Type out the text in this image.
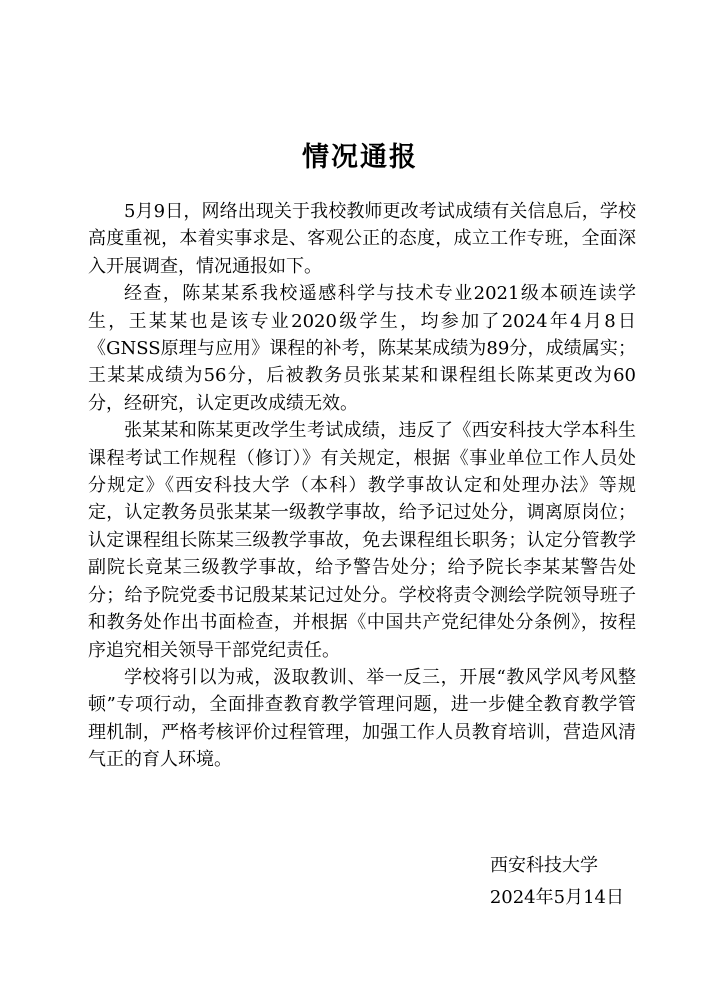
情况通报

5月9日，网络出现关于我校教师更改考试成绩有关信息后，学校高度重视，本着实事求是、客观公正的态度，成立工作专班，全面深入开展调查，情况通报如下。

经查，陈某某系我校遥感科学与技术专业2021级本硕连读学生，王某某也是该专业2020级学生，均参加了2024年4月8日《GNSS原理与应用》课程的补考，陈某某成绩为89分，成绩属实；王某某成绩为56分，后被教务员张某某和课程组长陈某更改为60分，经研究，认定更改成绩无效。

张某某和陈某更改学生考试成绩，违反了《西安科技大学本科生课程考试工作规程（修订）》有关规定，根据《事业单位工作人员处分规定》《西安科技大学（本科）教学事故认定和处理办法》等规定，认定教务员张某某一级教学事故，给予记过处分，调离原岗位；认定课程组长陈某三级教学事故，免去课程组长职务；认定分管教学副院长竟某三级教学事故，给予警告处分；给予院长李某某警告处分；给予院党委书记殷某某记过处分。学校将责令测绘学院领导班子和教务处作出书面检查，并根据《中国共产党纪律处分条例》，按程序追究相关领导干部党纪责任。

学校将引以为戒，汲取教训、举一反三，开展“教风学风考风整顿”专项行动，全面排查教育教学管理问题，进一步健全教育教学管理机制，严格考核评价过程管理，加强工作人员教育培训，营造风清气正的育人环境。

西安科技大学
2024年5月14日
